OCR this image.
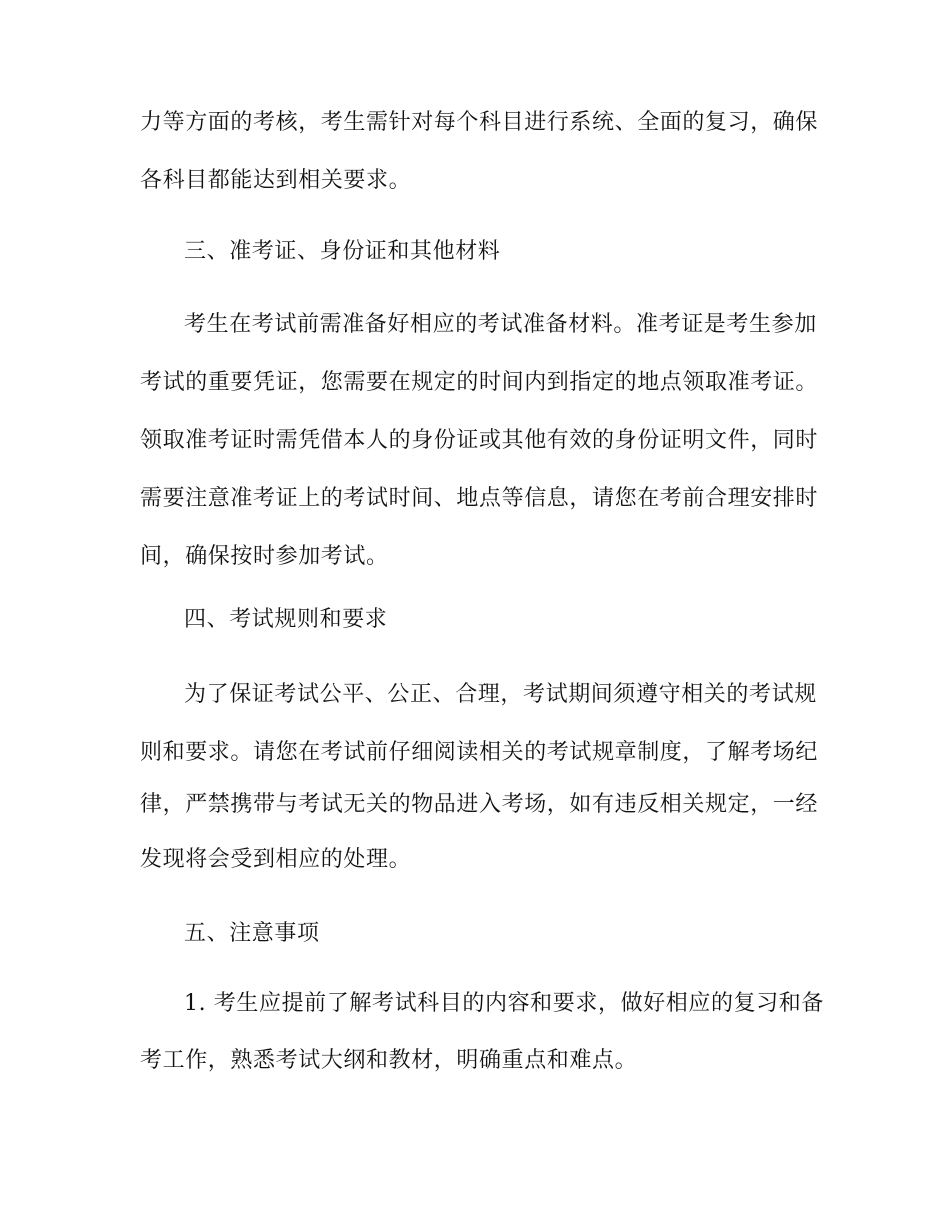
力等方面的考核，考生需针对每个科目进行系统、全面的复习，确保
各科目都能达到相关要求。
三、准考证、身份证和其他材料
考生在考试前需准备好相应的考试准备材料。准考证是考生参加
考试的重要凭证，您需要在规定的时间内到指定的地点领取准考证。
领取准考证时需凭借本人的身份证或其他有效的身份证明文件，同时
需要注意准考证上的考试时间、地点等信息，请您在考前合理安排时
间，确保按时参加考试。
四、考试规则和要求
为了保证考试公平、公正、合理，考试期间须遵守相关的考试规
则和要求。请您在考试前仔细阅读相关的考试规章制度，了解考场纪
律，严禁携带与考试无关的物品进入考场，如有违反相关规定，一经
发现将会受到相应的处理。
五、注意事项
1. 考生应提前了解考试科目的内容和要求，做好相应的复习和备
考工作，熟悉考试大纲和教材，明确重点和难点。
